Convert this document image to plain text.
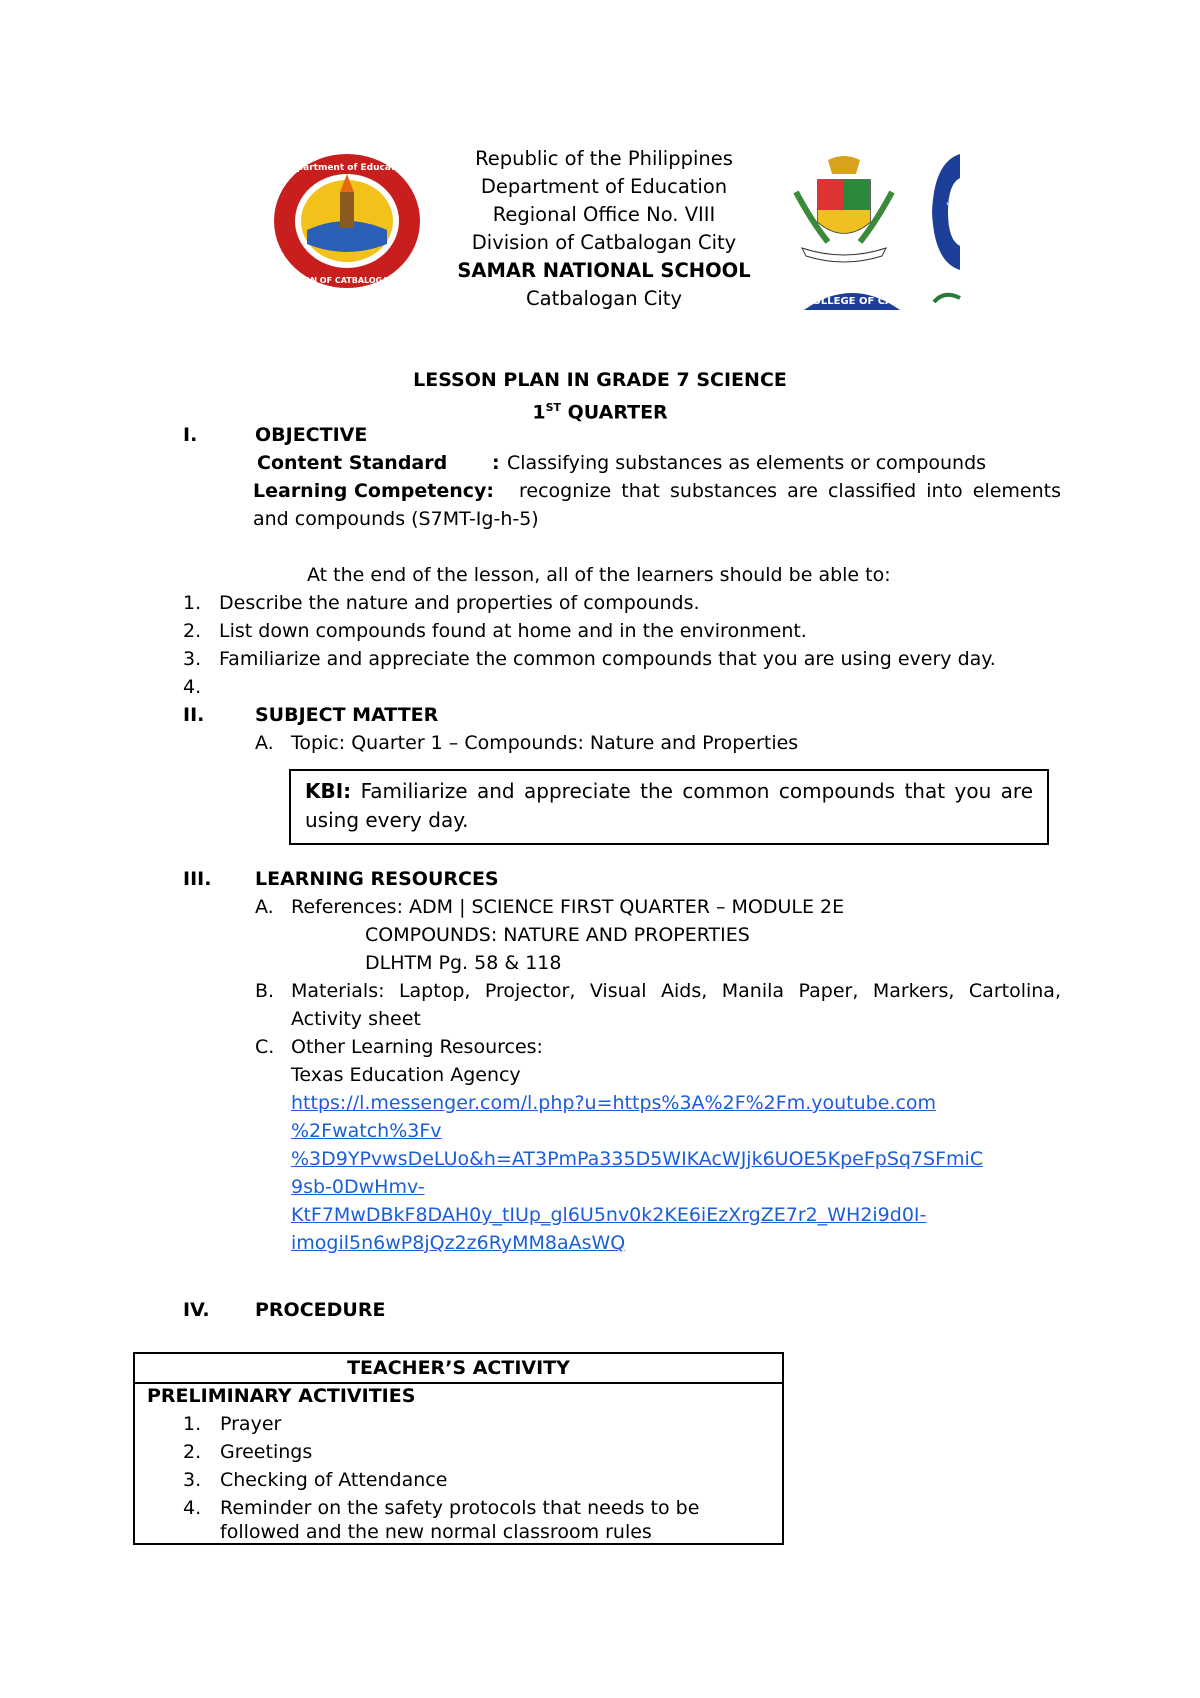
Department of Education
DIVISION OF CATBALOGAN CITY
COLLEGE OF CAT
SAMAR
Republic of the Philippines
Department of Education
Regional Office No. VIII
Division of Catbalogan City
SAMAR NATIONAL SCHOOL
Catbalogan City
LESSON PLAN IN GRADE 7 SCIENCE
1ST QUARTER
I.	OBJECTIVE
Content Standard : Classifying substances as elements or compounds
Learning Competency: recognize that substances are classified into elements
and compounds (S7MT-Ig-h-5)
At the end of the lesson, all of the learners should be able to:
1. Describe the nature and properties of compounds.
2. List down compounds found at home and in the environment.
3. Familiarize and appreciate the common compounds that you are using every day.
4.
II.	SUBJECT MATTER
A. Topic: Quarter 1 – Compounds: Nature and Properties
KBI: Familiarize and appreciate the common compounds that you are using every day.
III. LEARNING RESOURCES
A. References: ADM | SCIENCE FIRST QUARTER – MODULE 2E
COMPOUNDS: NATURE AND PROPERTIES
DLHTM Pg. 58 & 118
B. Materials: Laptop, Projector, Visual Aids, Manila Paper, Markers, Cartolina,
Activity sheet
C. Other Learning Resources:
Texas Education Agency
https://l.messenger.com/l.php?u=https%3A%2F%2Fm.youtube.com
%2Fwatch%3Fv
%3D9YPvwsDeLUo&h=AT3PmPa335D5WIKAcWJjk6UOE5KpeFpSq7SFmiC
9sb-0DwHmv-
KtF7MwDBkF8DAH0y_tIUp_gl6U5nv0k2KE6iEzXrgZE7r2_WH2i9d0I-
imogil5n6wP8jQz2z6RyMM8aAsWQ
IV. PROCEDURE
TEACHER’S ACTIVITY
PRELIMINARY ACTIVITIES
1. Prayer
2. Greetings
3. Checking of Attendance
4. Reminder on the safety protocols that needs to be
followed and the new normal classroom rules
